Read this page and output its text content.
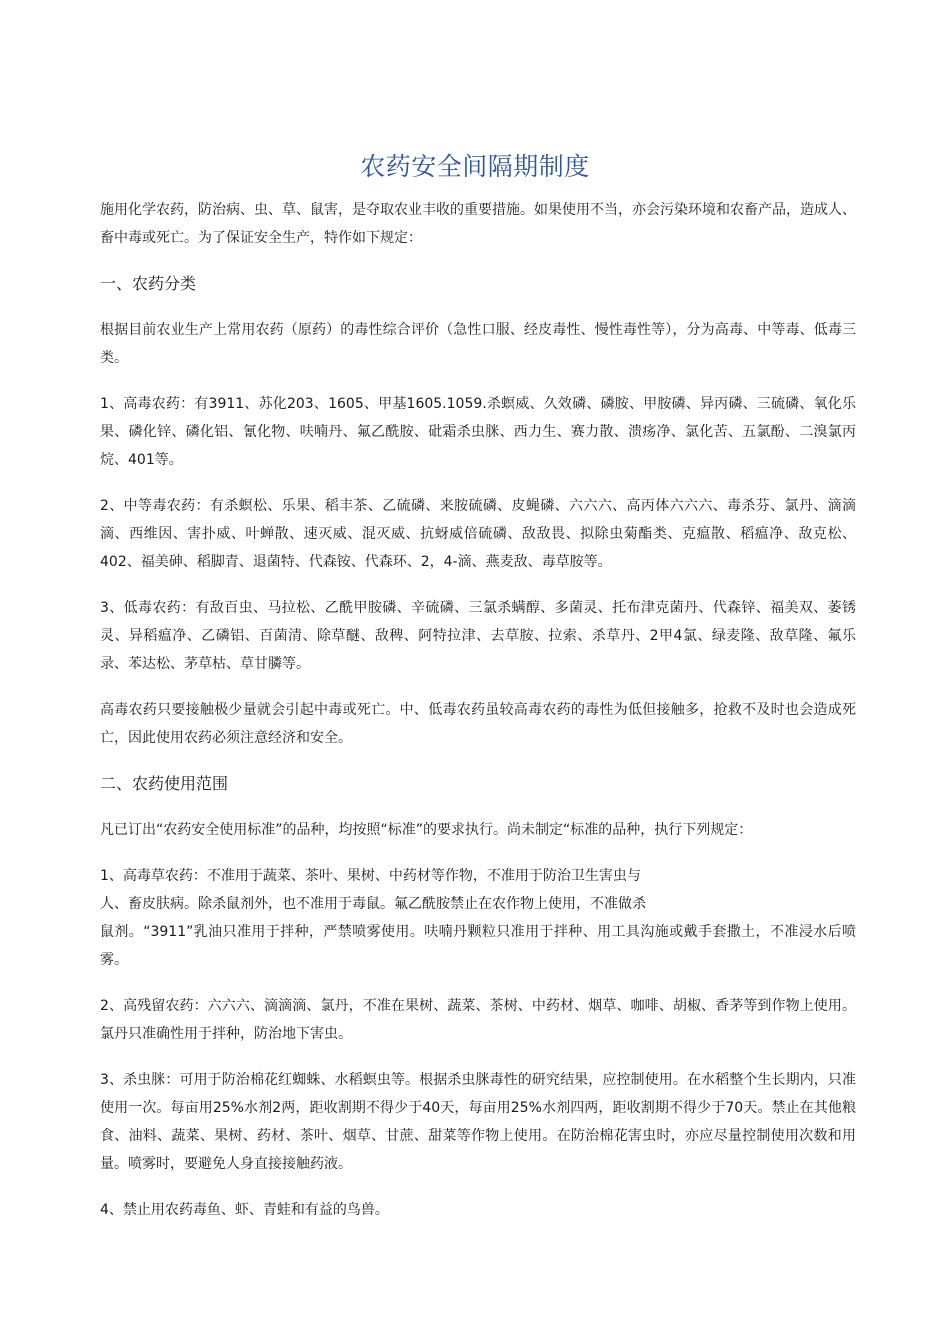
农药安全间隔期制度

施用化学农药，防治病、虫、草、鼠害，是夺取农业丰收的重要措施。如果使用不当，亦会污染环境和农畜产品，造成人、畜中毒或死亡。为了保证安全生产，特作如下规定：

一、农药分类

根据目前农业生产上常用农药（原药）的毒性综合评价（急性口服、经皮毒性、慢性毒性等），分为高毒、中等毒、低毒三类。

1、高毒农药：有3911、苏化203、1605、甲基1605.1059.杀螟威、久效磷、磷胺、甲胺磷、异丙磷、三硫磷、氧化乐果、磷化锌、磷化铝、氰化物、呋喃丹、氟乙酰胺、砒霜杀虫脒、西力生、赛力散、溃疡净、氯化苦、五氯酚、二溴氯丙烷、401等。

2、中等毒农药：有杀螟松、乐果、稻丰茶、乙硫磷、来胺硫磷、皮蝇磷、六六六、高丙体六六六、毒杀芬、氯丹、滴滴滴、西维因、害扑威、叶蝉散、速灭威、混灭威、抗蚜威倍硫磷、敌敌畏、拟除虫菊酯类、克瘟散、稻瘟净、敌克松、402、福美砷、稻脚青、退菌特、代森铵、代森环、2，4-滴、燕麦敌、毒草胺等。

3、低毒农药：有敌百虫、马拉松、乙酰甲胺磷、辛硫磷、三氯杀螨醇、多菌灵、托布津克菌丹、代森锌、福美双、萎锈灵、异稻瘟净、乙磷铝、百菌清、除草醚、敌稗、阿特拉津、去草胺、拉索、杀草丹、2甲4氯、绿麦隆、敌草隆、氟乐录、苯达松、茅草枯、草甘膦等。

高毒农药只要接触极少量就会引起中毒或死亡。中、低毒农药虽较高毒农药的毒性为低但接触多，抢救不及时也会造成死亡，因此使用农药必须注意经济和安全。

二、农药使用范围

凡已订出“农药安全使用标准”的品种，均按照“标准”的要求执行。尚未制定“标准的品种，执行下列规定：

1、高毒草农药：不准用于蔬菜、茶叶、果树、中药材等作物，不准用于防治卫生害虫与
人、畜皮肤病。除杀鼠剂外，也不准用于毒鼠。氟乙酰胺禁止在农作物上使用，不准做杀
鼠剂。“3911”乳油只准用于拌种，严禁喷雾使用。呋喃丹颗粒只准用于拌种、用工具沟施或戴手套撒土，不准浸水后喷雾。

2、高残留农药：六六六、滴滴滴、氯丹，不准在果树、蔬菜、茶树、中药材、烟草、咖啡、胡椒、香茅等到作物上使用。氯丹只准确性用于拌种，防治地下害虫。

3、杀虫脒：可用于防治棉花红蜘蛛、水稻螟虫等。根据杀虫脒毒性的研究结果，应控制使用。在水稻整个生长期内，只准使用一次。每亩用25%水剂2两，距收割期不得少于40天，每亩用25%水剂四两，距收割期不得少于70天。禁止在其他粮食、油料、蔬菜、果树、药材、茶叶、烟草、甘蔗、甜菜等作物上使用。在防治棉花害虫时，亦应尽量控制使用次数和用量。喷雾时，要避免人身直接接触药液。

4、禁止用农药毒鱼、虾、青蛙和有益的鸟兽。
